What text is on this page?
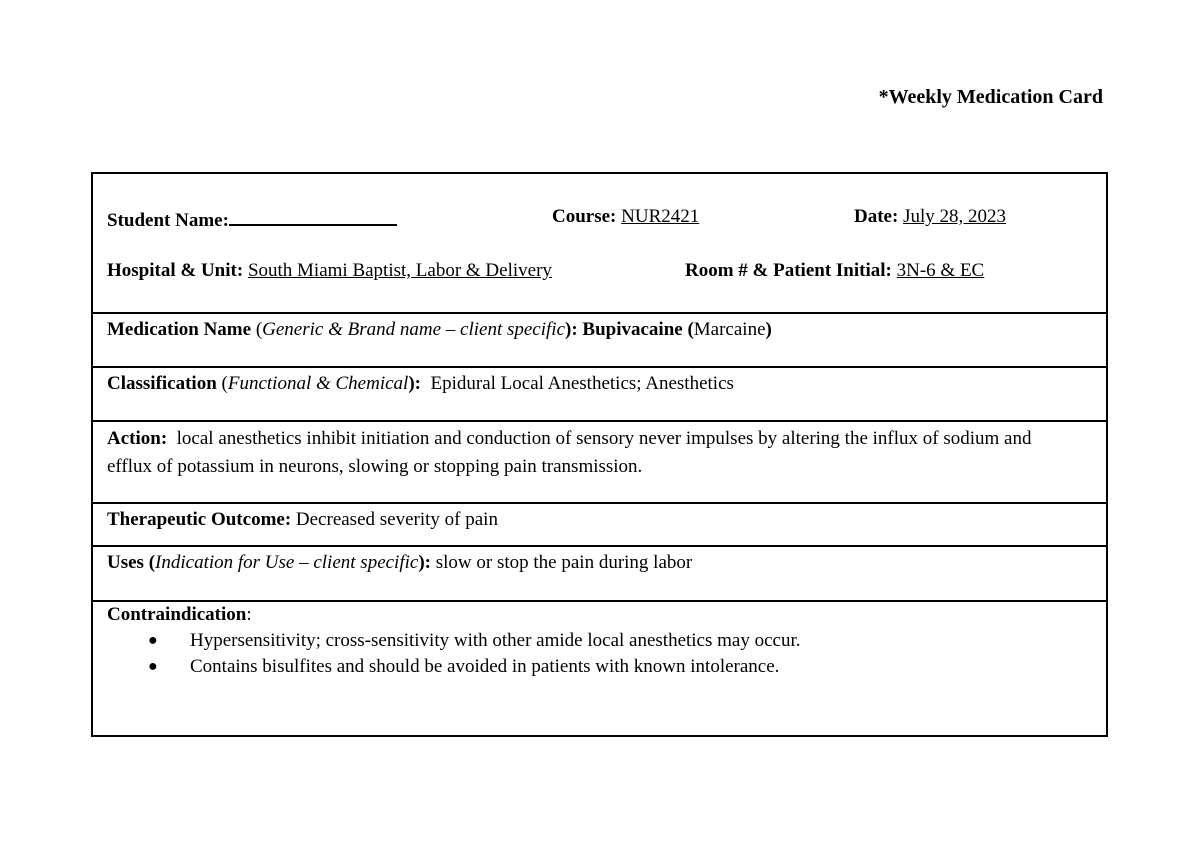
*Weekly Medication Card
Student Name:	Course: NUR2421	Date: July 28, 2023
Hospital & Unit: South Miami Baptist, Labor & Delivery	Room # & Patient Initial: 3N-6 & EC
Medication Name (Generic & Brand name – client specific): Bupivacaine (Marcaine)
Classification (Functional & Chemical):  Epidural Local Anesthetics; Anesthetics
Action:  local anesthetics inhibit initiation and conduction of sensory never impulses by altering the influx of sodium and efflux of potassium in neurons, slowing or stopping pain transmission.
Therapeutic Outcome: Decreased severity of pain
Uses (Indication for Use – client specific): slow or stop the pain during labor
Contraindication:
● Hypersensitivity; cross-sensitivity with other amide local anesthetics may occur.
● Contains bisulfites and should be avoided in patients with known intolerance.
